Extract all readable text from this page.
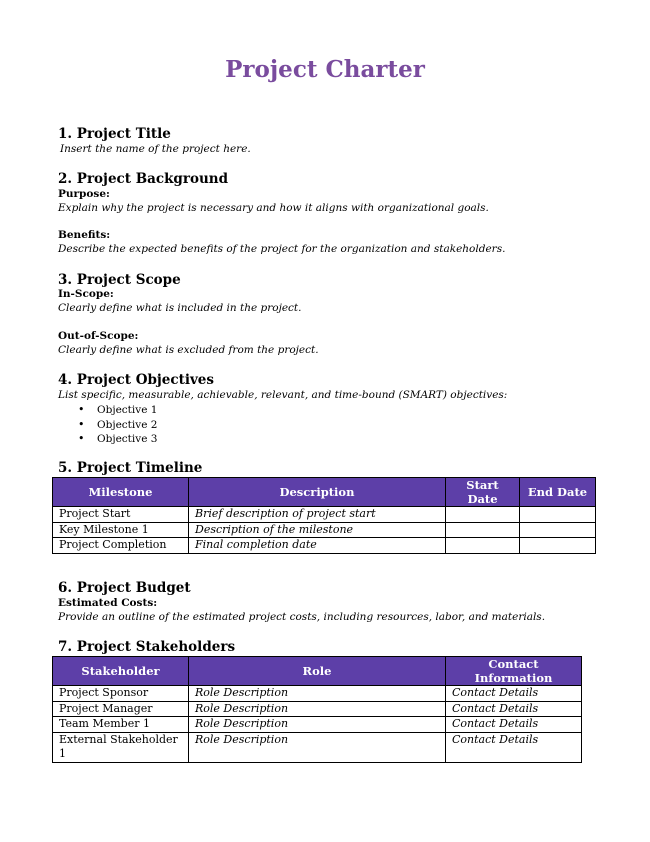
Project Charter
1. Project Title
Insert the name of the project here.
2. Project Background
Purpose:
Explain why the project is necessary and how it aligns with organizational goals.
Benefits:
Describe the expected benefits of the project for the organization and stakeholders.
3. Project Scope
In-Scope:
Clearly define what is included in the project.
Out-of-Scope:
Clearly define what is excluded from the project.
4. Project Objectives
List specific, measurable, achievable, relevant, and time-bound (SMART) objectives:
• Objective 1
• Objective 2
• Objective 3
5. Project Timeline
Milestone	Description	Start Date	End Date
Project Start	Brief description of project start		
Key Milestone 1	Description of the milestone		
Project Completion	Final completion date		
6. Project Budget
Estimated Costs:
Provide an outline of the estimated project costs, including resources, labor, and materials.
7. Project Stakeholders
Stakeholder	Role	Contact Information
Project Sponsor	Role Description	Contact Details
Project Manager	Role Description	Contact Details
Team Member 1	Role Description	Contact Details
External Stakeholder 1	Role Description	Contact Details
